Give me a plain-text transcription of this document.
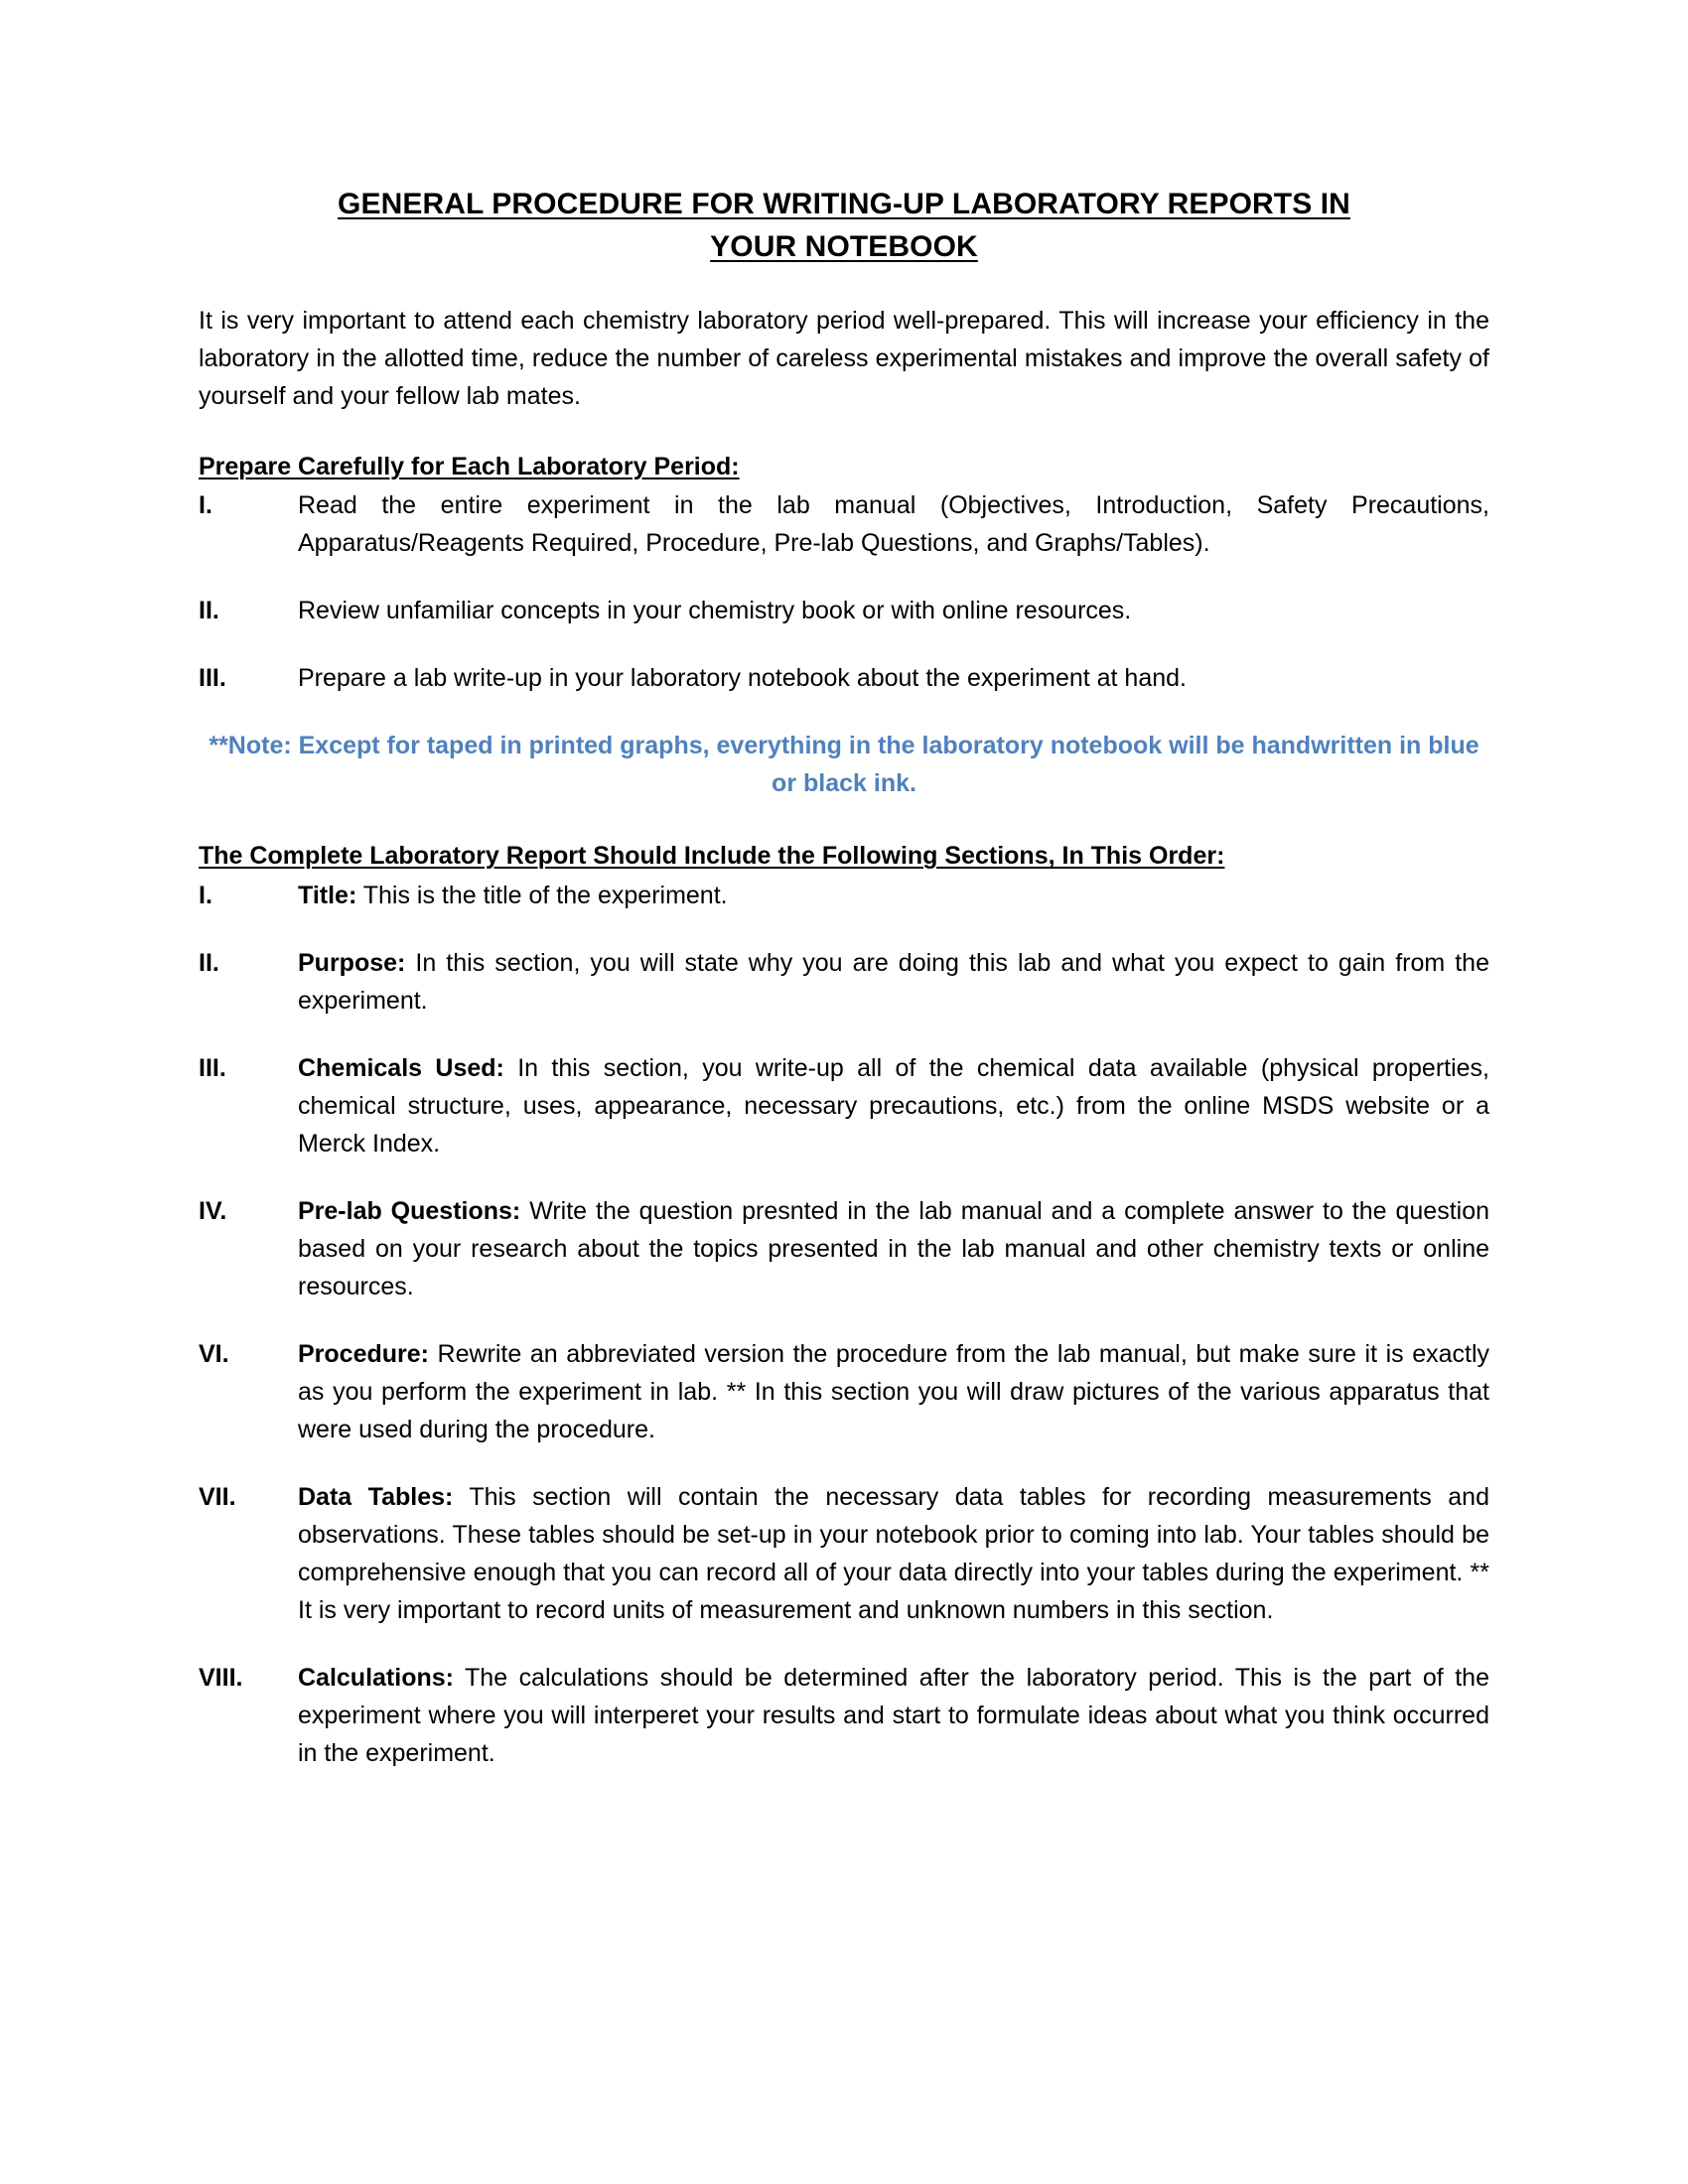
GENERAL PROCEDURE FOR WRITING-UP LABORATORY REPORTS IN
YOUR NOTEBOOK

It is very important to attend each chemistry laboratory period well-prepared. This will increase your efficiency in the laboratory in the allotted time, reduce the number of careless experimental mistakes and improve the overall safety of yourself and your fellow lab mates.

Prepare Carefully for Each Laboratory Period:
I.	Read the entire experiment in the lab manual (Objectives, Introduction, Safety Precautions, Apparatus/Reagents Required, Procedure, Pre-lab Questions, and Graphs/Tables).
II.	Review unfamiliar concepts in your chemistry book or with online resources.
III.	Prepare a lab write-up in your laboratory notebook about the experiment at hand.

**Note: Except for taped in printed graphs, everything in the laboratory notebook will be handwritten in blue or black ink.

The Complete Laboratory Report Should Include the Following Sections, In This Order:
I.	Title: This is the title of the experiment.
II.	Purpose: In this section, you will state why you are doing this lab and what you expect to gain from the experiment.
III.	Chemicals Used: In this section, you write-up all of the chemical data available (physical properties, chemical structure, uses, appearance, necessary precautions, etc.) from the online MSDS website or a Merck Index.
IV.	Pre-lab Questions: Write the question presnted in the lab manual and a complete answer to the question based on your research about the topics presented in the lab manual and other chemistry texts or online resources.
VI.	Procedure: Rewrite an abbreviated version the procedure from the lab manual, but make sure it is exactly as you perform the experiment in lab. ** In this section you will draw pictures of the various apparatus that were used during the procedure.
VII.	Data Tables: This section will contain the necessary data tables for recording measurements and observations. These tables should be set-up in your notebook prior to coming into lab. Your tables should be comprehensive enough that you can record all of your data directly into your tables during the experiment. ** It is very important to record units of measurement and unknown numbers in this section.
VIII.	Calculations: The calculations should be determined after the laboratory period. This is the part of the experiment where you will interperet your results and start to formulate ideas about what you think occurred in the experiment.
